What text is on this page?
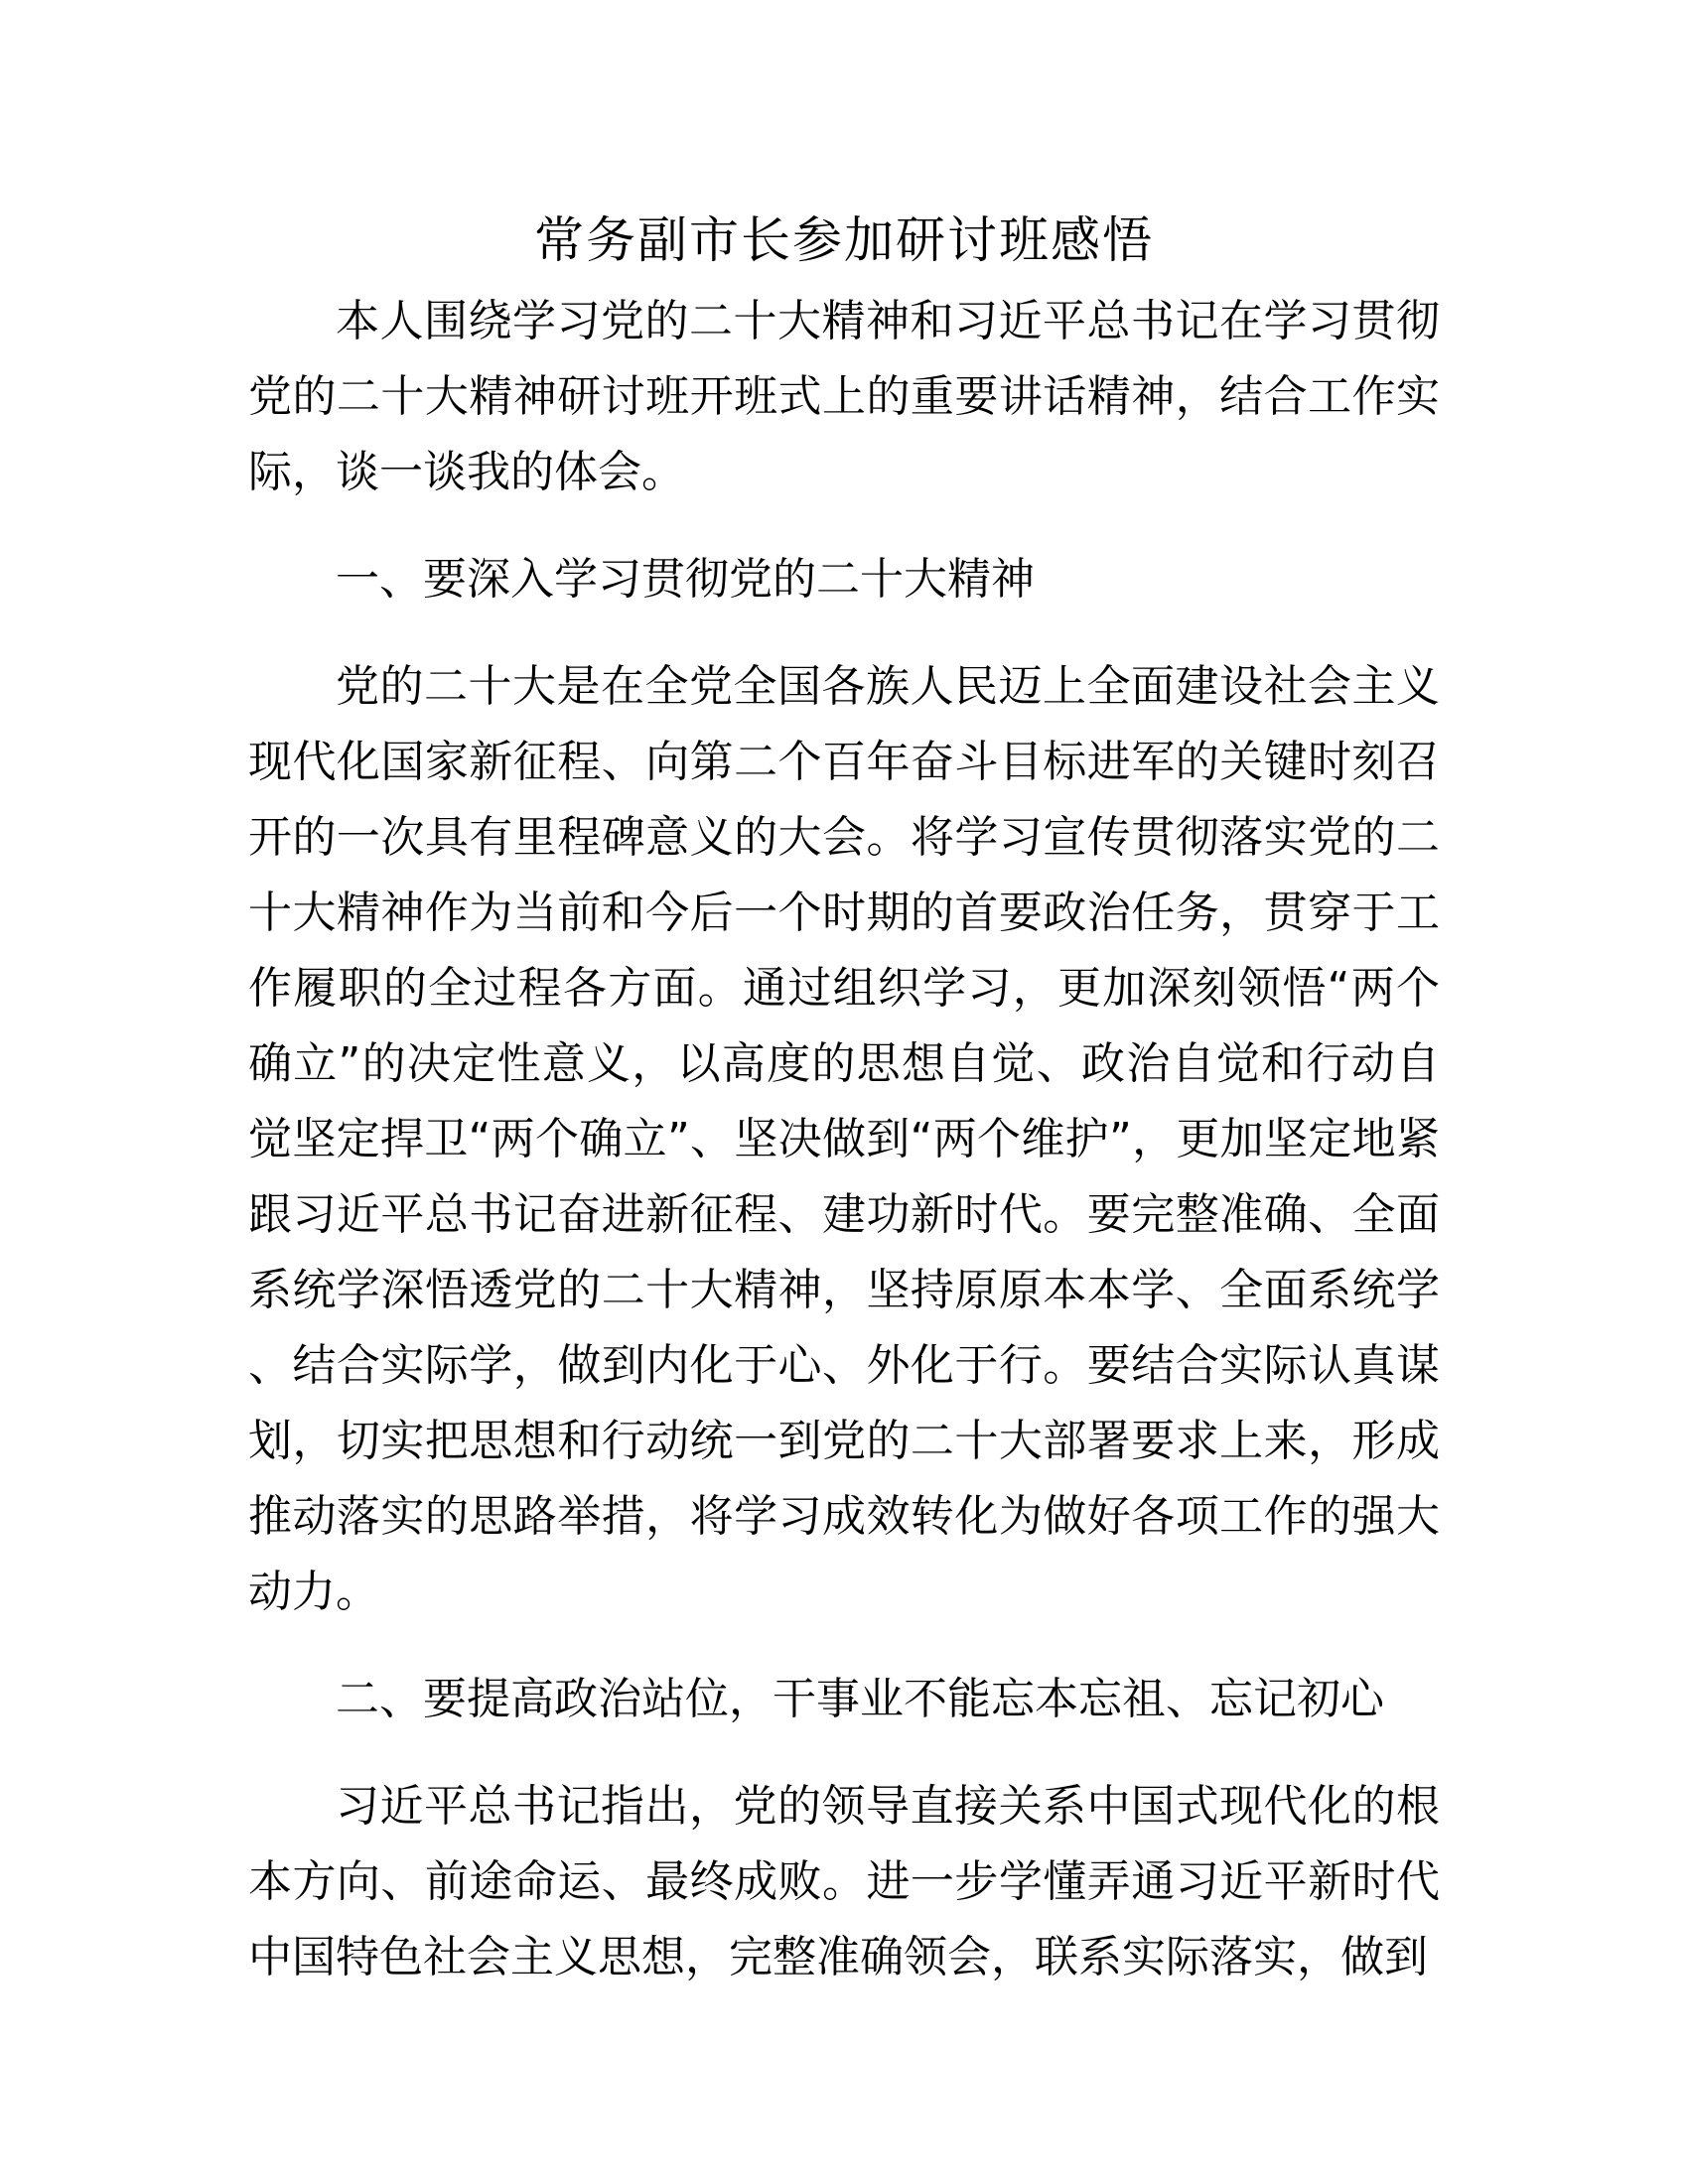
常务副市长参加研讨班感悟

本人围绕学习党的二十大精神和习近平总书记在学习贯彻党的二十大精神研讨班开班式上的重要讲话精神，结合工作实际，谈一谈我的体会。

一、要深入学习贯彻党的二十大精神

党的二十大是在全党全国各族人民迈上全面建设社会主义现代化国家新征程、向第二个百年奋斗目标进军的关键时刻召开的一次具有里程碑意义的大会。将学习宣传贯彻落实党的二十大精神作为当前和今后一个时期的首要政治任务，贯穿于工作履职的全过程各方面。通过组织学习，更加深刻领悟“两个确立”的决定性意义，以高度的思想自觉、政治自觉和行动自觉坚定捍卫“两个确立”、坚决做到“两个维护”，更加坚定地紧跟习近平总书记奋进新征程、建功新时代。要完整准确、全面系统学深悟透党的二十大精神，坚持原原本本学、全面系统学、结合实际学，做到内化于心、外化于行。要结合实际认真谋划，切实把思想和行动统一到党的二十大部署要求上来，形成推动落实的思路举措，将学习成效转化为做好各项工作的强大动力。

二、要提高政治站位，干事业不能忘本忘祖、忘记初心

习近平总书记指出，党的领导直接关系中国式现代化的根本方向、前途命运、最终成败。进一步学懂弄通习近平新时代中国特色社会主义思想，完整准确领会，联系实际落实，做到
